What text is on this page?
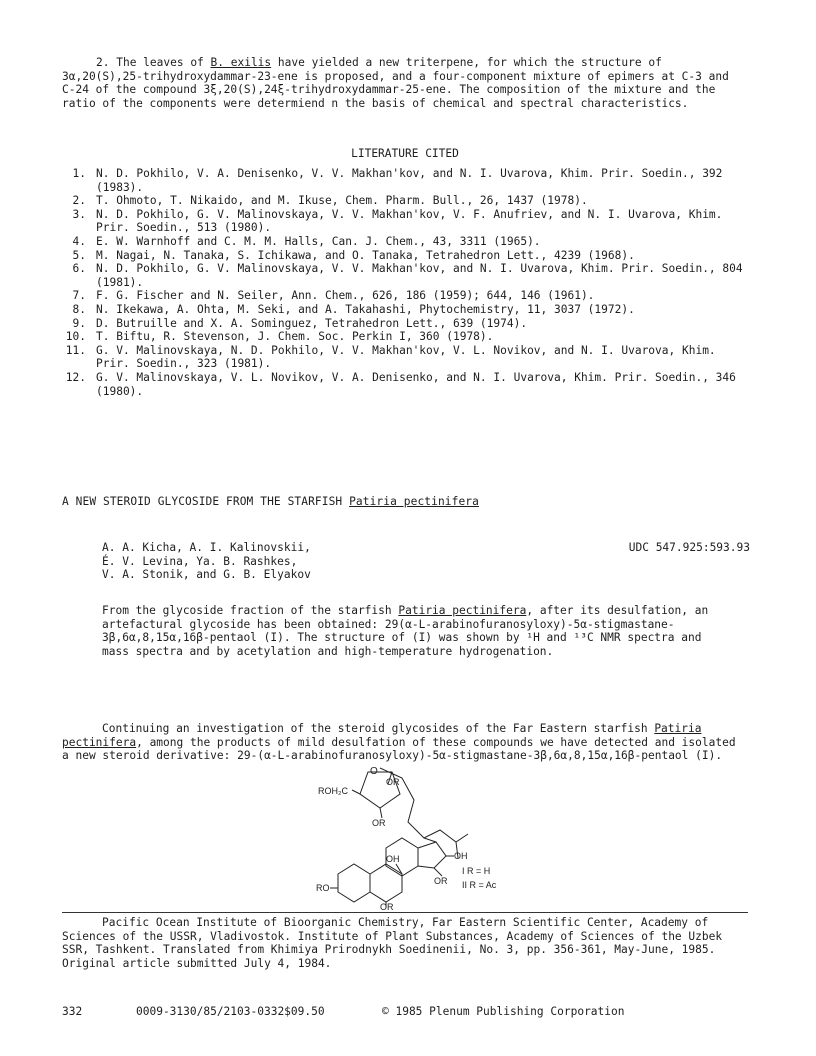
2. The leaves of B. exilis have yielded a new triterpene, for which the structure of 3α,20(S),25-trihydroxydammar-23-ene is proposed, and a four-component mixture of epimers at C-3 and C-24 of the compound 3ξ,20(S),24ξ-trihydroxydammar-25-ene. The composition of the mixture and the ratio of the components were determiend n the basis of chemical and spectral characteristics.

LITERATURE CITED
1. N. D. Pokhilo, V. A. Denisenko, V. V. Makhan'kov, and N. I. Uvarova, Khim. Prir. Soedin., 392 (1983).
2. T. Ohmoto, T. Nikaido, and M. Ikuse, Chem. Pharm. Bull., 26, 1437 (1978).
3. N. D. Pokhilo, G. V. Malinovskaya, V. V. Makhan'kov, V. F. Anufriev, and N. I. Uvarova, Khim. Prir. Soedin., 513 (1980).
4. E. W. Warnhoff and C. M. M. Halls, Can. J. Chem., 43, 3311 (1965).
5. M. Nagai, N. Tanaka, S. Ichikawa, and O. Tanaka, Tetrahedron Lett., 4239 (1968).
6. N. D. Pokhilo, G. V. Malinovskaya, V. V. Makhan'kov, and N. I. Uvarova, Khim. Prir. Soedin., 804 (1981).
7. F. G. Fischer and N. Seiler, Ann. Chem., 626, 186 (1959); 644, 146 (1961).
8. N. Ikekawa, A. Ohta, M. Seki, and A. Takahashi, Phytochemistry, 11, 3037 (1972).
9. D. Butruille and X. A. Sominguez, Tetrahedron Lett., 639 (1974).
10. T. Biftu, R. Stevenson, J. Chem. Soc. Perkin I, 360 (1978).
11. G. V. Malinovskaya, N. D. Pokhilo, V. V. Makhan'kov, V. L. Novikov, and N. I. Uvarova, Khim. Prir. Soedin., 323 (1981).
12. G. V. Malinovskaya, V. L. Novikov, V. A. Denisenko, and N. I. Uvarova, Khim. Prir. Soedin., 346 (1980).
A NEW STEROID GLYCOSIDE FROM THE STARFISH Patiria pectinifera
A. A. Kicha, A. I. Kalinovskii,
É. V. Levina, Ya. B. Rashkes,
V. A. Stonik, and G. B. Elyakov
UDC 547.925:593.93

From the glycoside fraction of the starfish Patiria pectinifera, after its desulfation, an artefactural glycoside has been obtained: 29(α-L-arabinofuranosyloxy)-5α-stigmastane-3β,6α,8,15α,16β-pentaol (I). The structure of (I) was shown by ¹H and ¹³C NMR spectra and mass spectra and by acetylation and high-temperature hydrogenation.

Continuing an investigation of the steroid glycosides of the Far Eastern starfish Patiria pectinifera, among the products of mild desulfation of these compounds we have detected and isolated a new steroid derivative: 29-(α-L-arabinofuranosyloxy)-5α-stigmastane-3β,6α,8,15α,16β-pentaol (I).

O
OR
ROH₂C
OR
OH
OH
OR
RO
OR
I R = H
II R = Ac

Pacific Ocean Institute of Bioorganic Chemistry, Far Eastern Scientific Center, Academy of Sciences of the USSR, Vladivostok. Institute of Plant Substances, Academy of Sciences of the Uzbek SSR, Tashkent. Translated from Khimiya Prirodnykh Soedinenii, No. 3, pp. 356-361, May-June, 1985. Original article submitted July 4, 1984.

332	0009-3130/85/2103-0332$09.50	© 1985 Plenum Publishing Corporation
